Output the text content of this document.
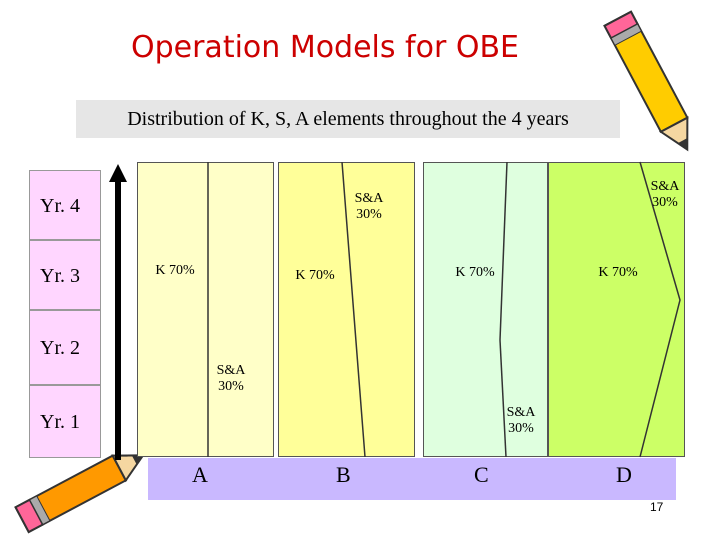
Operation Models for OBE
Distribution of K, S, A elements throughout the 4 years
Yr. 4
Yr. 3
Yr. 2
Yr. 1
K 70%
S&A
30%
K 70%
S&A
30%
K 70%
S&A
30%
K 70%
S&A
30%
A	B	C	D
17
